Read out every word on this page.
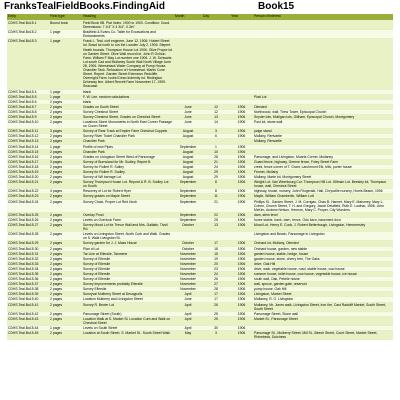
FranksTealFieldBooks.FindingAid	Book15
Entry	Field type	Heading	Month	Day	Year	Person of interest
CDHS.Teal.Bo15.1	Bound book	Field Book 5B. Plat Index. 1900 to 1900. Condition: Good. Dimensions: 7 1/4" X 4 3/4", 0.3in"				
CDHS.Teal.Bo15.2	1 page	Bradfield & Evans Co. Table for Excavations and Embankments				
CDHS.Teal.Bo15.3	1 page	Frank L. Teal, civil engineer, June 12, 1906. Hubert Street lot. Bowd lot north to run the Lowden July 2, 1906. Stepert Heath bounds. Thompson House Lot 1906. Olive Propor lot on Garden Street. Olive Wall record lot. John R Ochiun Farm, William F May Lot number one 1906. J. W. Schwartz Lot south Cad and Mullaney South Wall North Village June 28, 1906. Weeseback Water Company at Pump House. Chandler Tank. Relocation of Homestead. Martin Cove Street. Repert. Garden Street Extension Redcliffe. Overnight Farm. Isobel Dean Indemity lot. Redington Driveway line. Albert Recreit Farm November 17, 1909. Seacoast				
CDHS.Teal.Bo15.4	1 page	blank				
CDHS.Teal.Bo15.5	1 page	F. W. Lee. random calculations				Platt Lot
CDHS.Teal.Bo15.6	2 pages	blank				
CDHS.Teal.Bo15.7	2 pages	Grades on South Street	June	12	1906	Olmsted
CDHS.Teal.Bo15.8	2 pages	Survey Chestnut Street	June	12	1906	Northwood, wall; Thew Tower, Episcopal Church
CDHS.Teal.Bo15.9	2 pages	Survey Chestnut Street, Grades on Chestnut Street	June	13	1906	Snyder lots, Mulligan lots, Gillham, Episcopal Church, Montgomery
CDHS.Teal.Bo15.10	2 pages	Locations Stone Monuments in North East Corner Passage on Crown Street	June	14	1906	Post lot, stone wall
CDHS.Teal.Bo15.11	3 pages	Survey of Rear Track at Empire Farm Chestnut Cuppels	August	3	1906	judge stand
CDHS.Teal.Bo15.12	2 pages	Survey River Ticket Chandler Park	August	6	1906	Mullany, Renvartle
CDHS.Teal.Bo15.13	2 pages	Chandler Park				Mullany, Renvartle
CDHS.Teal.Bo15.14	1 page	Profile of new Pipes	September	1	1906	
CDHS.Teal.Bo15.15	2 pages	Chandler Park	August	10	1906	
CDHS.Teal.Bo15.16	2 pages	Grades on Livingston Street West of Parsonage	August	28	1906	Parsonage, and Livingston, Muarts Corner, Mullaney
CDHS.Teal.Bo15.17	3 pages	Survey of Burnsland for Mr. Sudley, Repert B	August	21	1906	Guard fence, highway, Greene fence, Foley Street Farm
CDHS.Teal.Bo15.18	2 pages	Survey for Rollert R. Sutley	August	24	1906	creek, fence corner of T. Grant, Larchmont Elk, bills, porter house
CDHS.Teal.Bo15.19	2 pages	Survey for Rollert R. Sudley	August	29	1906	Fenner, Mullany
CDHS.Teal.Bo15.20	2 pages	Survey of Wil barrage Lot	August	29	1906	Mullany, Marte lot, Montgomery Street
CDHS.Teal.Bo15.21	2 pages	Survey Thompson House Lot. Repord & R. B. Sudley Lot on South	September	8	1906	Weight Lot. Van Weerbourg Cor. Thompson Hill Lot. Gillman Lot. Beesley lot, Thompson house, wall, Chestnut Street
CDHS.Teal.Bo15.22	4 pages	Resurvey of Lot for Robert Hyer	September	8	1906	highway, house, nursery, John Fitzgerald, Hall, Chrysville nursery, Hurris Beach, 1906
CDHS.Teal.Bo15.23	2 pages	Survey grades on Maple Street	September	11	1906	Maple, William Chamberlin, William Lott
CDHS.Teal.Bo15.24	2 pages	Survey Chaix, Proper Lot Red Hook	September	21	1906	Phillips St., Garden Street, J. M. Corrigan, Chas B. Hannet, Mary E. Mahoney, Mary L. Cohen, Church Street, T. H. and Gregory, Jacob Delafield, Ruth E. Lowhar, 1906. John McKim, Andrew Nelson, Hermon, Mary C. Proper, City Wonders
CDHS.Teal.Bo15.25	2 pages	Overlay Pond	September	22	1906	dam, stem level
CDHS.Teal.Bo15.26	2 pages	Levels on Overlook Farm	September	25	1906	horse stable, bank, barn, fence, Odo barn, basement door
CDHS.Teal.Bo15.27	2 pages	Survey Mood Lot for Trevor Wall and Mrs. Gallatin, Tivoli Rd.	October	13	1906	Mood Lot, Henry E. Cook, J. Robert Betterbough, Livingston, Hemmersley
CDHS.Teal.Bo15.28	2 pages	Levels on Livingston Street, North Curb and Walk. Grades on S. Walk Livingston St.				Livingston and Beach, Parsonage in Livingston
CDHS.Teal.Bo15.29	2 pages	Survey garden for J. J. Mass House	October	17	1906	Orchard lot, Mullany, Olmsted
CDHS.Teal.Bo15.30	2 pages	Plan of Lot	October	18	1906	Orchard house, garden, new stable
CDHS.Teal.Bo15.31	2 pages	Tar Line at Ellerslie, Tasmene	November	15	1906	garden house, stable, hedge, house
CDHS.Teal.Bo15.32	2 pages	Survey of Ellerslie	November	19	1906	garden house, stone, cherry tree, The Oaks
CDHS.Teal.Bo15.33	2 pages	Survey of Ellerslie	November	20	1906	drive, Oak Hill
CDHS.Teal.Bo15.34	2 pages	Survey of Ellerslie	November	23	1906	drive, walk, vegetable house, road, stable house, cow house
CDHS.Teal.Bo15.35	2 pages	Survey of Ellerslie	November	24	1906	summer house, toilet house, cow house, vegetable house, ice house
CDHS.Teal.Bo15.36	2 pages	Survey of Ellerslie	November	26	1906	south wall, Oak, Pebble house
CDHS.Teal.Bo15.37	2 pages	Survey Improvements probably Ellerslie	November	27	1906	wall, spruce, garden gate, reservoir
CDHS.Teal.Bo15.38	2 pages	Survey Ellerslie	November	28	1906	pump house, Oak Hill
CDHS.Teal.Bo15.39	2 pages	Sunnyval Mulberry Street at Decaypolis	April	17	1906	Livingston, Market Street
CDHS.Teal.Bo15.40	2 pages	Location Mulberry and Livingston Street	June	17	1906	Mullaney, R. O. Livingston
CDHS.Teal.Bo15.41	2 pages	Survey R. Bevier Lot	April	26	1906	Mullaney, Mr. Jones walk, Livingston Street, iron fire, Cast Radcliff Market, South Street, South Street
CDHS.Teal.Bo15.42	2 pages	Parsonage Street (South)	April	25	1906	Parsonage Street, Stone wall
CDHS.Teal.Bo15.43	2 pages	Location Walk at S. Market St. Location Curb and Walk on Chestnut Street	April	25	1906	Market St., Parsonage Street
CDHS.Teal.Bo15.44	1 page	Levels on South Street	April	30	1906	
CDHS.Teal.Bo15.45	2 pages	Location at South Street. S. Market St.. South Street Walk	May	3	1906	Parsonage St., Mulberry Street, Mill St., Beech Street, Court Street, Market Street, Rhinebeck, Dutchess
